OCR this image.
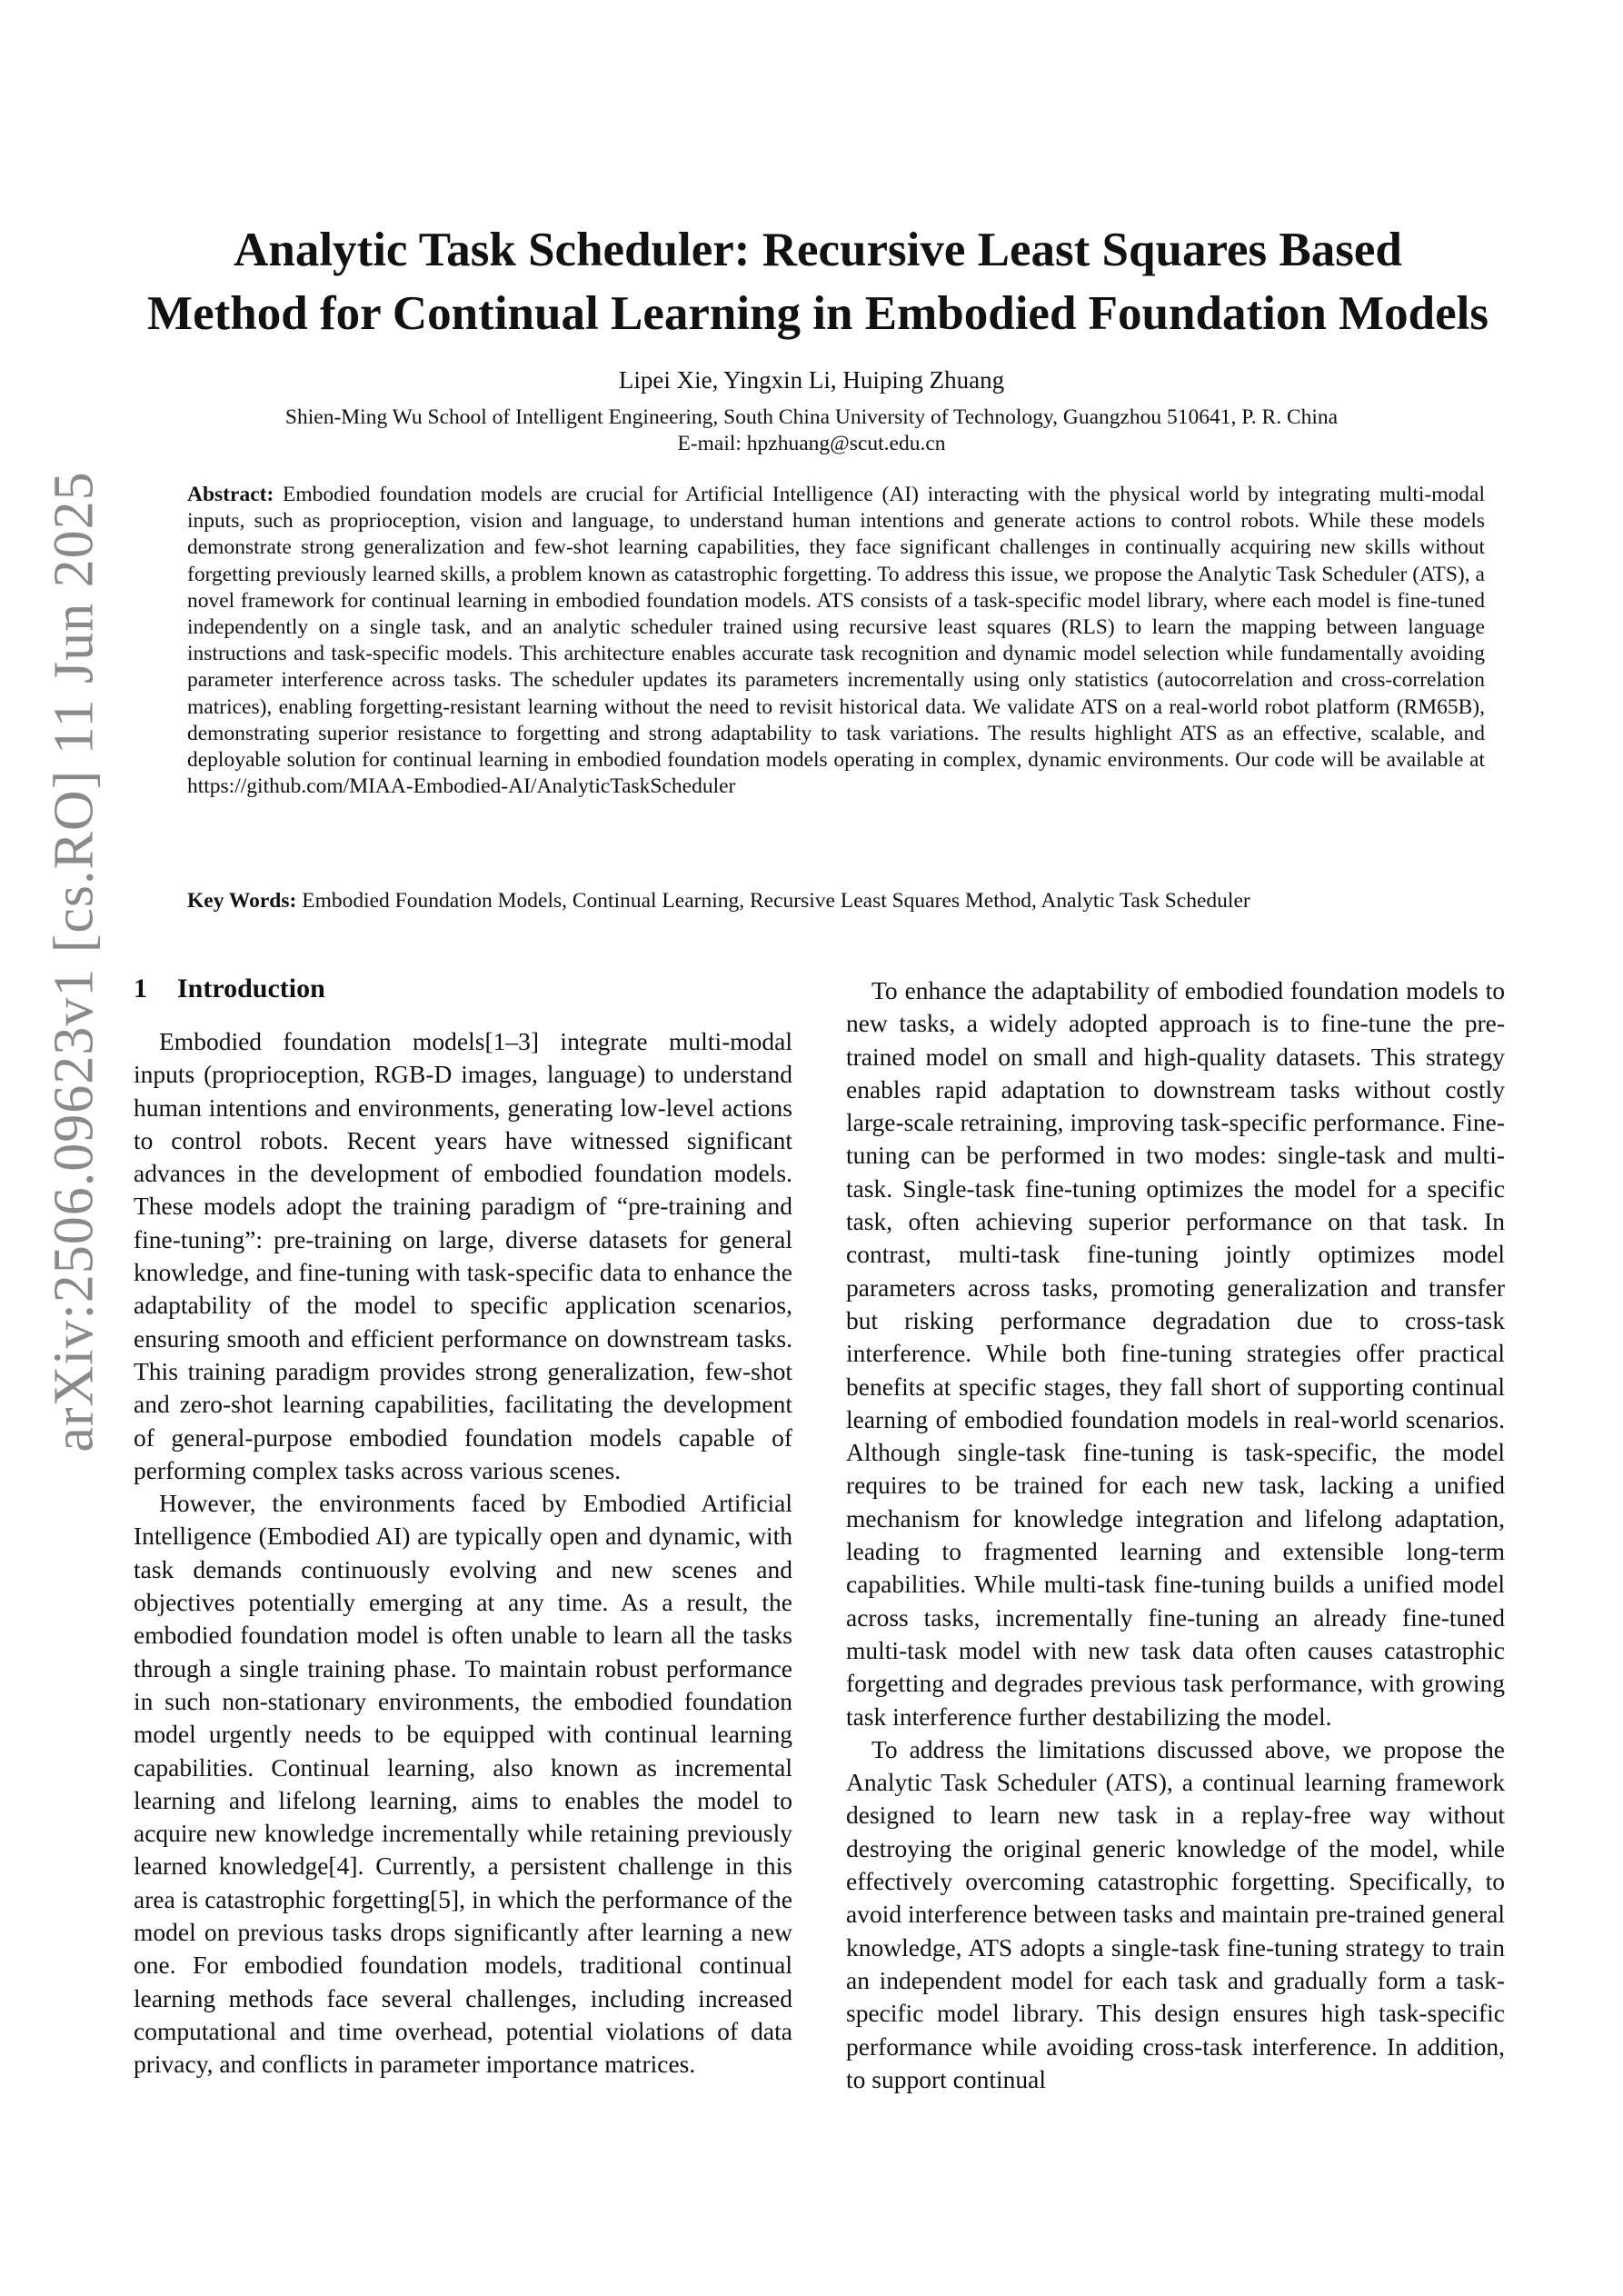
arXiv:2506.09623v1 [cs.RO] 11 Jun 2025
Analytic Task Scheduler: Recursive Least Squares Based
Method for Continual Learning in Embodied Foundation Models
Lipei Xie, Yingxin Li, Huiping Zhuang
Shien-Ming Wu School of Intelligent Engineering, South China University of Technology, Guangzhou 510641, P. R. China
E-mail: hpzhuang@scut.edu.cn

Abstract: Embodied foundation models are crucial for Artificial Intelligence (AI) interacting with the physical world by integrating multi-modal inputs, such as proprioception, vision and language, to understand human intentions and generate actions to control robots. While these models demonstrate strong generalization and few-shot learning capabilities, they face significant challenges in continually acquiring new skills without forgetting previously learned skills, a problem known as catastrophic forgetting. To address this issue, we propose the Analytic Task Scheduler (ATS), a novel framework for continual learning in embodied foundation models. ATS consists of a task-specific model library, where each model is fine-tuned independently on a single task, and an analytic scheduler trained using recursive least squares (RLS) to learn the mapping between language instructions and task-specific models. This architecture enables accurate task recognition and dynamic model selection while fundamentally avoiding parameter interference across tasks. The scheduler updates its parameters incrementally using only statistics (autocorrelation and cross-correlation matrices), enabling forgetting-resistant learning without the need to revisit historical data. We validate ATS on a real-world robot platform (RM65B), demonstrating superior resistance to forgetting and strong adaptability to task variations. The results highlight ATS as an effective, scalable, and deployable solution for continual learning in embodied foundation models operating in complex, dynamic environments. Our code will be available at https://github.com/MIAA-Embodied-AI/AnalyticTaskScheduler

Key Words: Embodied Foundation Models, Continual Learning, Recursive Least Squares Method, Analytic Task Scheduler

1 Introduction

Embodied foundation models[1–3] integrate multi-modal inputs (proprioception, RGB-D images, language) to understand human intentions and environments, generating low-level actions to control robots. Recent years have witnessed significant advances in the development of embodied foundation models. These models adopt the training paradigm of “pre-training and fine-tuning”: pre-training on large, diverse datasets for general knowledge, and fine-tuning with task-specific data to enhance the adaptability of the model to specific application scenarios, ensuring smooth and efficient performance on downstream tasks. This training paradigm provides strong generalization, few-shot and zero-shot learning capabilities, facilitating the development of general-purpose embodied foundation models capable of performing complex tasks across various scenes.

However, the environments faced by Embodied Artificial Intelligence (Embodied AI) are typically open and dynamic, with task demands continuously evolving and new scenes and objectives potentially emerging at any time. As a result, the embodied foundation model is often unable to learn all the tasks through a single training phase. To maintain robust performance in such non-stationary environments, the embodied foundation model urgently needs to be equipped with continual learning capabilities. Continual learning, also known as incremental learning and lifelong learning, aims to enables the model to acquire new knowledge incrementally while retaining previously learned knowledge[4]. Currently, a persistent challenge in this area is catastrophic forgetting[5], in which the performance of the model on previous tasks drops significantly after learning a new one. For embodied foundation models, traditional continual learning methods face several challenges, including increased computational and time overhead, potential violations of data privacy, and conflicts in parameter importance matrices.

To enhance the adaptability of embodied foundation models to new tasks, a widely adopted approach is to fine-tune the pre-trained model on small and high-quality datasets. This strategy enables rapid adaptation to downstream tasks without costly large-scale retraining, improving task-specific performance. Fine-tuning can be performed in two modes: single-task and multi-task. Single-task fine-tuning optimizes the model for a specific task, often achieving superior performance on that task. In contrast, multi-task fine-tuning jointly optimizes model parameters across tasks, promoting generalization and transfer but risking performance degradation due to cross-task interference. While both fine-tuning strategies offer practical benefits at specific stages, they fall short of supporting continual learning of embodied foundation models in real-world scenarios. Although single-task fine-tuning is task-specific, the model requires to be trained for each new task, lacking a unified mechanism for knowledge integration and lifelong adaptation, leading to fragmented learning and extensible long-term capabilities. While multi-task fine-tuning builds a unified model across tasks, incrementally fine-tuning an already fine-tuned multi-task model with new task data often causes catastrophic forgetting and degrades previous task performance, with growing task interference further destabilizing the model.

To address the limitations discussed above, we propose the Analytic Task Scheduler (ATS), a continual learning framework designed to learn new task in a replay-free way without destroying the original generic knowledge of the model, while effectively overcoming catastrophic forgetting. Specifically, to avoid interference between tasks and maintain pre-trained general knowledge, ATS adopts a single-task fine-tuning strategy to train an independent model for each task and gradually form a task-specific model library. This design ensures high task-specific performance while avoiding cross-task interference. In addition, to support continual
